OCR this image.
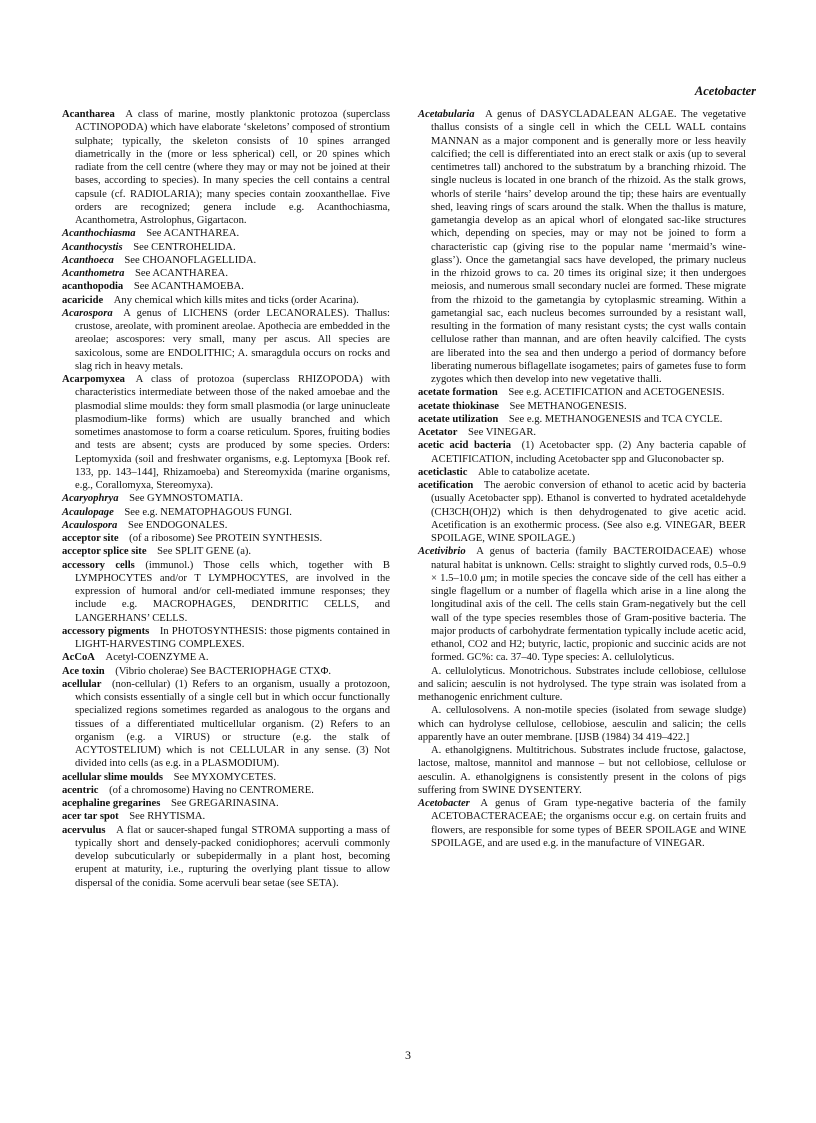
Acetobacter

Acantharea  A class of marine, mostly planktonic protozoa (superclass ACTINOPODA) which have elaborate ‘skeletons’ composed of strontium sulphate; typically, the skeleton consists of 10 spines arranged diametrically in the (more or less spherical) cell, or 20 spines which radiate from the cell centre (where they may or may not be joined at their bases, according to species). In many species the cell contains a central capsule (cf. RADIOLARIA); many species contain zooxanthellae. Five orders are recognized; genera include e.g. Acanthochiasma, Acanthometra, Astrolophus, Gigartacon.

Acanthochiasma  See ACANTHAREA.

Acanthocystis  See CENTROHELIDA.

Acanthoeca  See CHOANOFLAGELLIDA.

Acanthometra  See ACANTHAREA.

acanthopodia  See ACANTHAMOEBA.

acaricide  Any chemical which kills mites and ticks (order Acarina).

Acarospora  A genus of LICHENS (order LECANORALES). Thallus: crustose, areolate, with prominent areolae. Apothecia are embedded in the areolae; ascospores: very small, many per ascus. All species are saxicolous, some are ENDOLITHIC; A. smaragdula occurs on rocks and slag rich in heavy metals.

Acarpomyxea  A class of protozoa (superclass RHIZOPODA) with characteristics intermediate between those of the naked amoebae and the plasmodial slime moulds: they form small plasmodia (or large uninucleate plasmodium-like forms) which are usually branched and which sometimes anastomose to form a coarse reticulum. Spores, fruiting bodies and tests are absent; cysts are produced by some species. Orders: Leptomyxida (soil and freshwater organisms, e.g. Leptomyxa [Book ref. 133, pp. 143–144], Rhizamoeba) and Stereomyxida (marine organisms, e.g., Corallomyxa, Stereomyxa).

Acaryophrya  See GYMNOSTOMATIA.

Acaulopage  See e.g. NEMATOPHAGOUS FUNGI.

Acaulospora  See ENDOGONALES.

acceptor site  (of a ribosome) See PROTEIN SYNTHESIS.

acceptor splice site  See SPLIT GENE (a).

accessory cells  (immunol.) Those cells which, together with B LYMPHOCYTES and/or T LYMPHOCYTES, are involved in the expression of humoral and/or cell-mediated immune responses; they include e.g. MACROPHAGES, DENDRITIC CELLS, and LANGERHANS’ CELLS.

accessory pigments  In PHOTOSYNTHESIS: those pigments contained in LIGHT-HARVESTING COMPLEXES.

AcCoA  Acetyl-COENZYME A.

Ace toxin  (Vibrio cholerae) See BACTERIOPHAGE CTXΦ.

acellular  (non-cellular) (1) Refers to an organism, usually a protozoon, which consists essentially of a single cell but in which occur functionally specialized regions sometimes regarded as analogous to the organs and tissues of a differentiated multicellular organism. (2) Refers to an organism (e.g. a VIRUS) or structure (e.g. the stalk of ACYTOSTELIUM) which is not CELLULAR in any sense. (3) Not divided into cells (as e.g. in a PLASMODIUM).

acellular slime moulds  See MYXOMYCETES.

acentric  (of a chromosome) Having no CENTROMERE.

acephaline gregarines  See GREGARINASINA.

acer tar spot  See RHYTISMA.

acervulus  A flat or saucer-shaped fungal STROMA supporting a mass of typically short and densely-packed conidiophores; acervuli commonly develop subcuticularly or subepidermally in a plant host, becoming erupent at maturity, i.e., rupturing the overlying plant tissue to allow dispersal of the conidia. Some acervuli bear setae (see SETA).

Acetabularia  A genus of DASYCLADALEAN ALGAE. The vegetative thallus consists of a single cell in which the CELL WALL contains MANNAN as a major component and is generally more or less heavily calcified; the cell is differentiated into an erect stalk or axis (up to several centimetres tall) anchored to the substratum by a branching rhizoid. The single nucleus is located in one branch of the rhizoid. As the stalk grows, whorls of sterile ‘hairs’ develop around the tip; these hairs are eventually shed, leaving rings of scars around the stalk. When the thallus is mature, gametangia develop as an apical whorl of elongated sac-like structures which, depending on species, may or may not be joined to form a characteristic cap (giving rise to the popular name ‘mermaid’s wine-glass’). Once the gametangial sacs have developed, the primary nucleus in the rhizoid grows to ca. 20 times its original size; it then undergoes meiosis, and numerous small secondary nuclei are formed. These migrate from the rhizoid to the gametangia by cytoplasmic streaming. Within a gametangial sac, each nucleus becomes surrounded by a resistant wall, resulting in the formation of many resistant cysts; the cyst walls contain cellulose rather than mannan, and are often heavily calcified. The cysts are liberated into the sea and then undergo a period of dormancy before liberating numerous biflagellate isogametes; pairs of gametes fuse to form zygotes which then develop into new vegetative thalli.

acetate formation  See e.g. ACETIFICATION and ACETOGENESIS.

acetate thiokinase  See METHANOGENESIS.

acetate utilization  See e.g. METHANOGENESIS and TCA CYCLE.

Acetator  See VINEGAR.

acetic acid bacteria  (1) Acetobacter spp. (2) Any bacteria capable of ACETIFICATION, including Acetobacter spp and Gluconobacter sp.

aceticlastic  Able to catabolize acetate.

acetification  The aerobic conversion of ethanol to acetic acid by bacteria (usually Acetobacter spp). Ethanol is converted to hydrated acetaldehyde (CH3CH(OH)2) which is then dehydrogenated to give acetic acid. Acetification is an exothermic process. (See also e.g. VINEGAR, BEER SPOILAGE, WINE SPOILAGE.)

Acetivibrio  A genus of bacteria (family BACTEROIDACEAE) whose natural habitat is unknown. Cells: straight to slightly curved rods, 0.5–0.9 × 1.5–10.0 μm; in motile species the concave side of the cell has either a single flagellum or a number of flagella which arise in a line along the longitudinal axis of the cell. The cells stain Gram-negatively but the cell wall of the type species resembles those of Gram-positive bacteria. The major products of carbohydrate fermentation typically include acetic acid, ethanol, CO2 and H2; butyric, lactic, propionic and succinic acids are not formed. GC%: ca. 37–40. Type species: A. cellulolyticus.

A. cellulolyticus. Monotrichous. Substrates include cellobiose, cellulose and salicin; aesculin is not hydrolysed. The type strain was isolated from a methanogenic enrichment culture.

A. cellulosolvens. A non-motile species (isolated from sewage sludge) which can hydrolyse cellulose, cellobiose, aesculin and salicin; the cells apparently have an outer membrane. [IJSB (1984) 34 419–422.]

A. ethanolgignens. Multitrichous. Substrates include fructose, galactose, lactose, maltose, mannitol and mannose – but not cellobiose, cellulose or aesculin. A. ethanolgignens is consistently present in the colons of pigs suffering from SWINE DYSENTERY.

Acetobacter  A genus of Gram type-negative bacteria of the family ACETOBACTERACEAE; the organisms occur e.g. on certain fruits and flowers, are responsible for some types of BEER SPOILAGE and WINE SPOILAGE, and are used e.g. in the manufacture of VINEGAR.

3
